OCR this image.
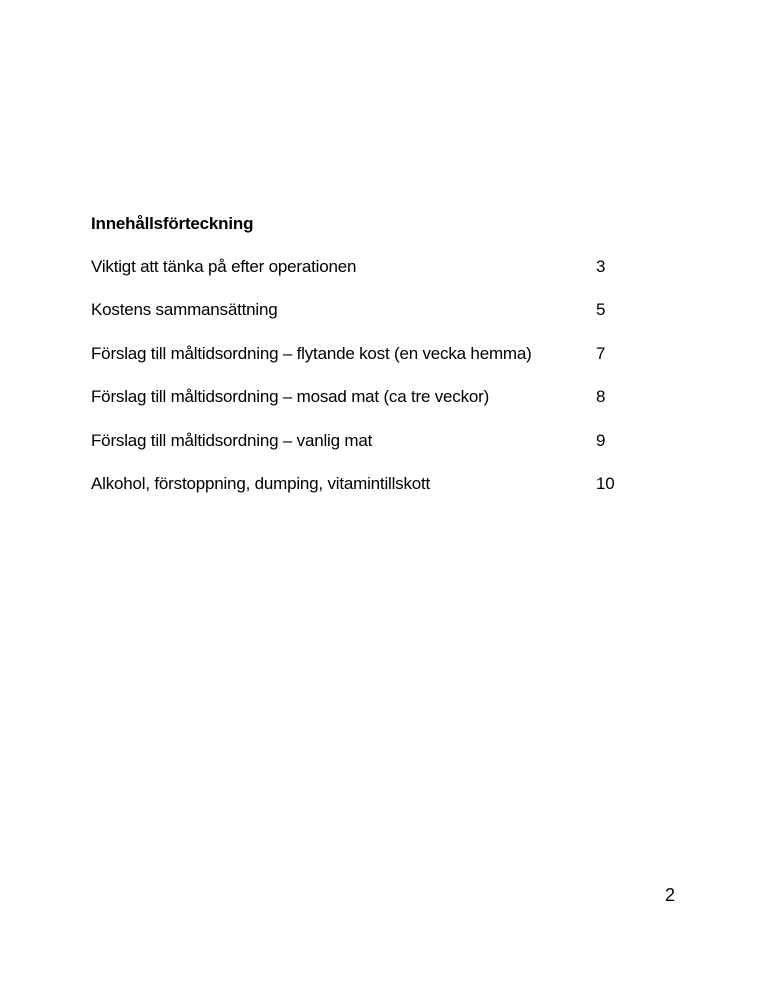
Innehållsförteckning
Viktigt att tänka på efter operationen	3
Kostens sammansättning	5
Förslag till måltidsordning – flytande kost (en vecka hemma)	7
Förslag till måltidsordning – mosad mat (ca tre veckor)	8
Förslag till måltidsordning – vanlig mat	9
Alkohol, förstoppning, dumping, vitamintillskott	10
2
